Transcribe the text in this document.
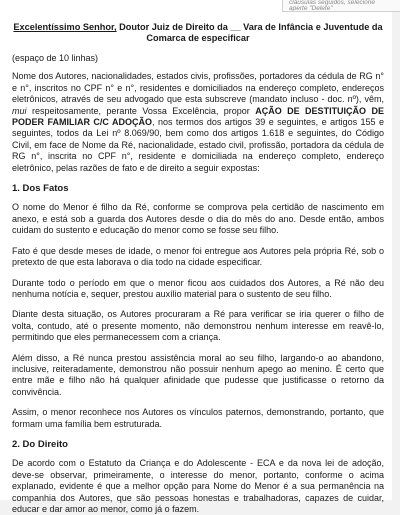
Excelentíssimo Senhor, Doutor Juiz de Direito da __ Vara de Infância e Juventude da Comarca de especificar

(espaço de 10 linhas)

Nome dos Autores, nacionalidades, estados civis, profissões, portadores da cédula de RG n° e n°, inscritos no CPF n° e n°, residentes e domiciliados na endereço completo, endereços eletrônicos, através de seu advogado que esta subscreve (mandato incluso - doc. nº), vêm, mui respeitosamente, perante Vossa Excelência, propor AÇÃO DE DESTITUIÇÃO DE PODER FAMILIAR C/C ADOÇÃO, nos termos dos artigos 39 e seguintes, e artigos 155 e seguintes, todos da Lei nº 8.069/90, bem como dos artigos 1.618 e seguintes, do Código Civil, em face de Nome da Ré, nacionalidade, estado civil, profissão, portadora da cédula de RG n°, inscrita no CPF n°, residente e domiciliada na endereço completo, endereço eletrônico, pelas razões de fato e de direito a seguir expostas:

1. Dos Fatos

O nome do Menor é filho da Ré, conforme se comprova pela certidão de nascimento em anexo, e está sob a guarda dos Autores desde o dia do mês do ano. Desde então, ambos cuidam do sustento e educação do menor como se fosse seu filho.

Fato é que desde meses de idade, o menor foi entregue aos Autores pela própria Ré, sob o pretexto de que esta laborava o dia todo na cidade especificar.

Durante todo o período em que o menor ficou aos cuidados dos Autores, a Ré não deu nenhuma notícia e, sequer, prestou auxílio material para o sustento de seu filho.

Diante desta situação, os Autores procuraram a Ré para verificar se iria querer o filho de volta, contudo, até o presente momento, não demonstrou nenhum interesse em reavê-lo, permitindo que eles permanecessem com a criança.

Além disso, a Ré nunca prestou assistência moral ao seu filho, largando-o ao abandono, inclusive, reiteradamente, demonstrou não possuir nenhum apego ao menino. É certo que entre mãe e filho não há qualquer afinidade que pudesse que justificasse o retorno da convivência.

Assim, o menor reconhece nos Autores os vínculos paternos, demonstrando, portanto, que formam uma família bem estruturada.

2. Do Direito

De acordo com o Estatuto da Criança e do Adolescente - ECA e da nova lei de adoção, deve-se observar, primeiramente, o interesse do menor, portanto, conforme o acima explanado, evidente é que a melhor opção para Nome do Menor é a sua permanência na companhia dos Autores, que são pessoas honestas e trabalhadoras, capazes de cuidar, educar e dar amor ao menor, como já o fazem.

cláusulas seguidos, selecione
aperte "Delete"
